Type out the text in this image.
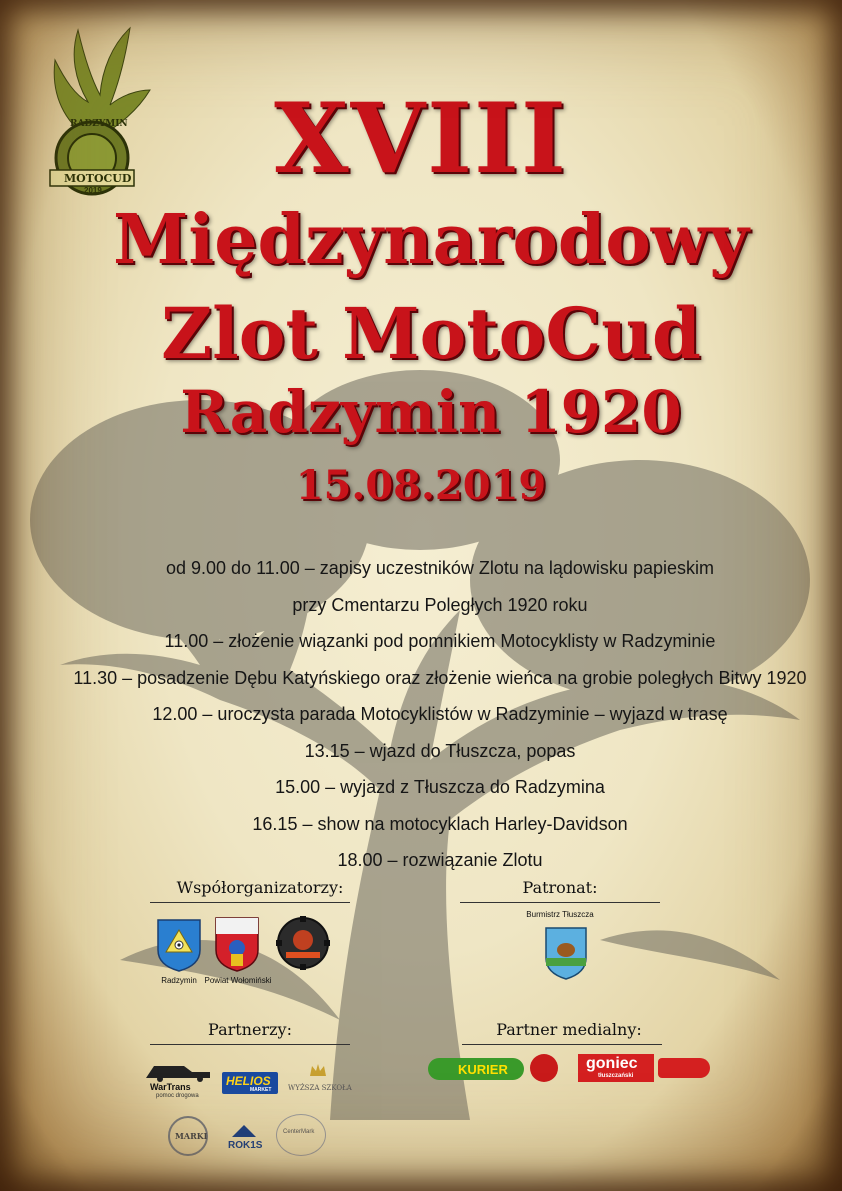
RADZYMIN
MOTOCUD
2019	XVIII
Międzynarodowy
Zlot MotoCud
Radzymin 1920
15.08.2019
od 9.00 do 11.00 – zapisy uczestników Zlotu na lądowisku papieskim
przy Cmentarzu Poległych 1920 roku
11.00 – złożenie wiązanki pod pomnikiem Motocyklisty w Radzyminie
11.30 – posadzenie Dębu Katyńskiego oraz złożenie wieńca na grobie poległych Bitwy 1920
12.00 – uroczysta parada Motocyklistów w Radzyminie – wyjazd w trasę
13.15 – wjazd do Tłuszcza, popas
15.00 – wyjazd z Tłuszcza do Radzymina
16.15 – show na motocyklach Harley-Davidson
18.00 – rozwiązanie Zlotu
Współorganizatorzy:
Radzymin Powiat Wołomiński
Patronat:
Burmistrz Tłuszcza
Partnerzy:
WarTrans
pomoc drogowa
HELIOS
MARKET WYŻSZA SZKOŁA
MARKI
ROK1S
CenterMark
Partner medialny:
KURIER	goniec
tłuszczański
